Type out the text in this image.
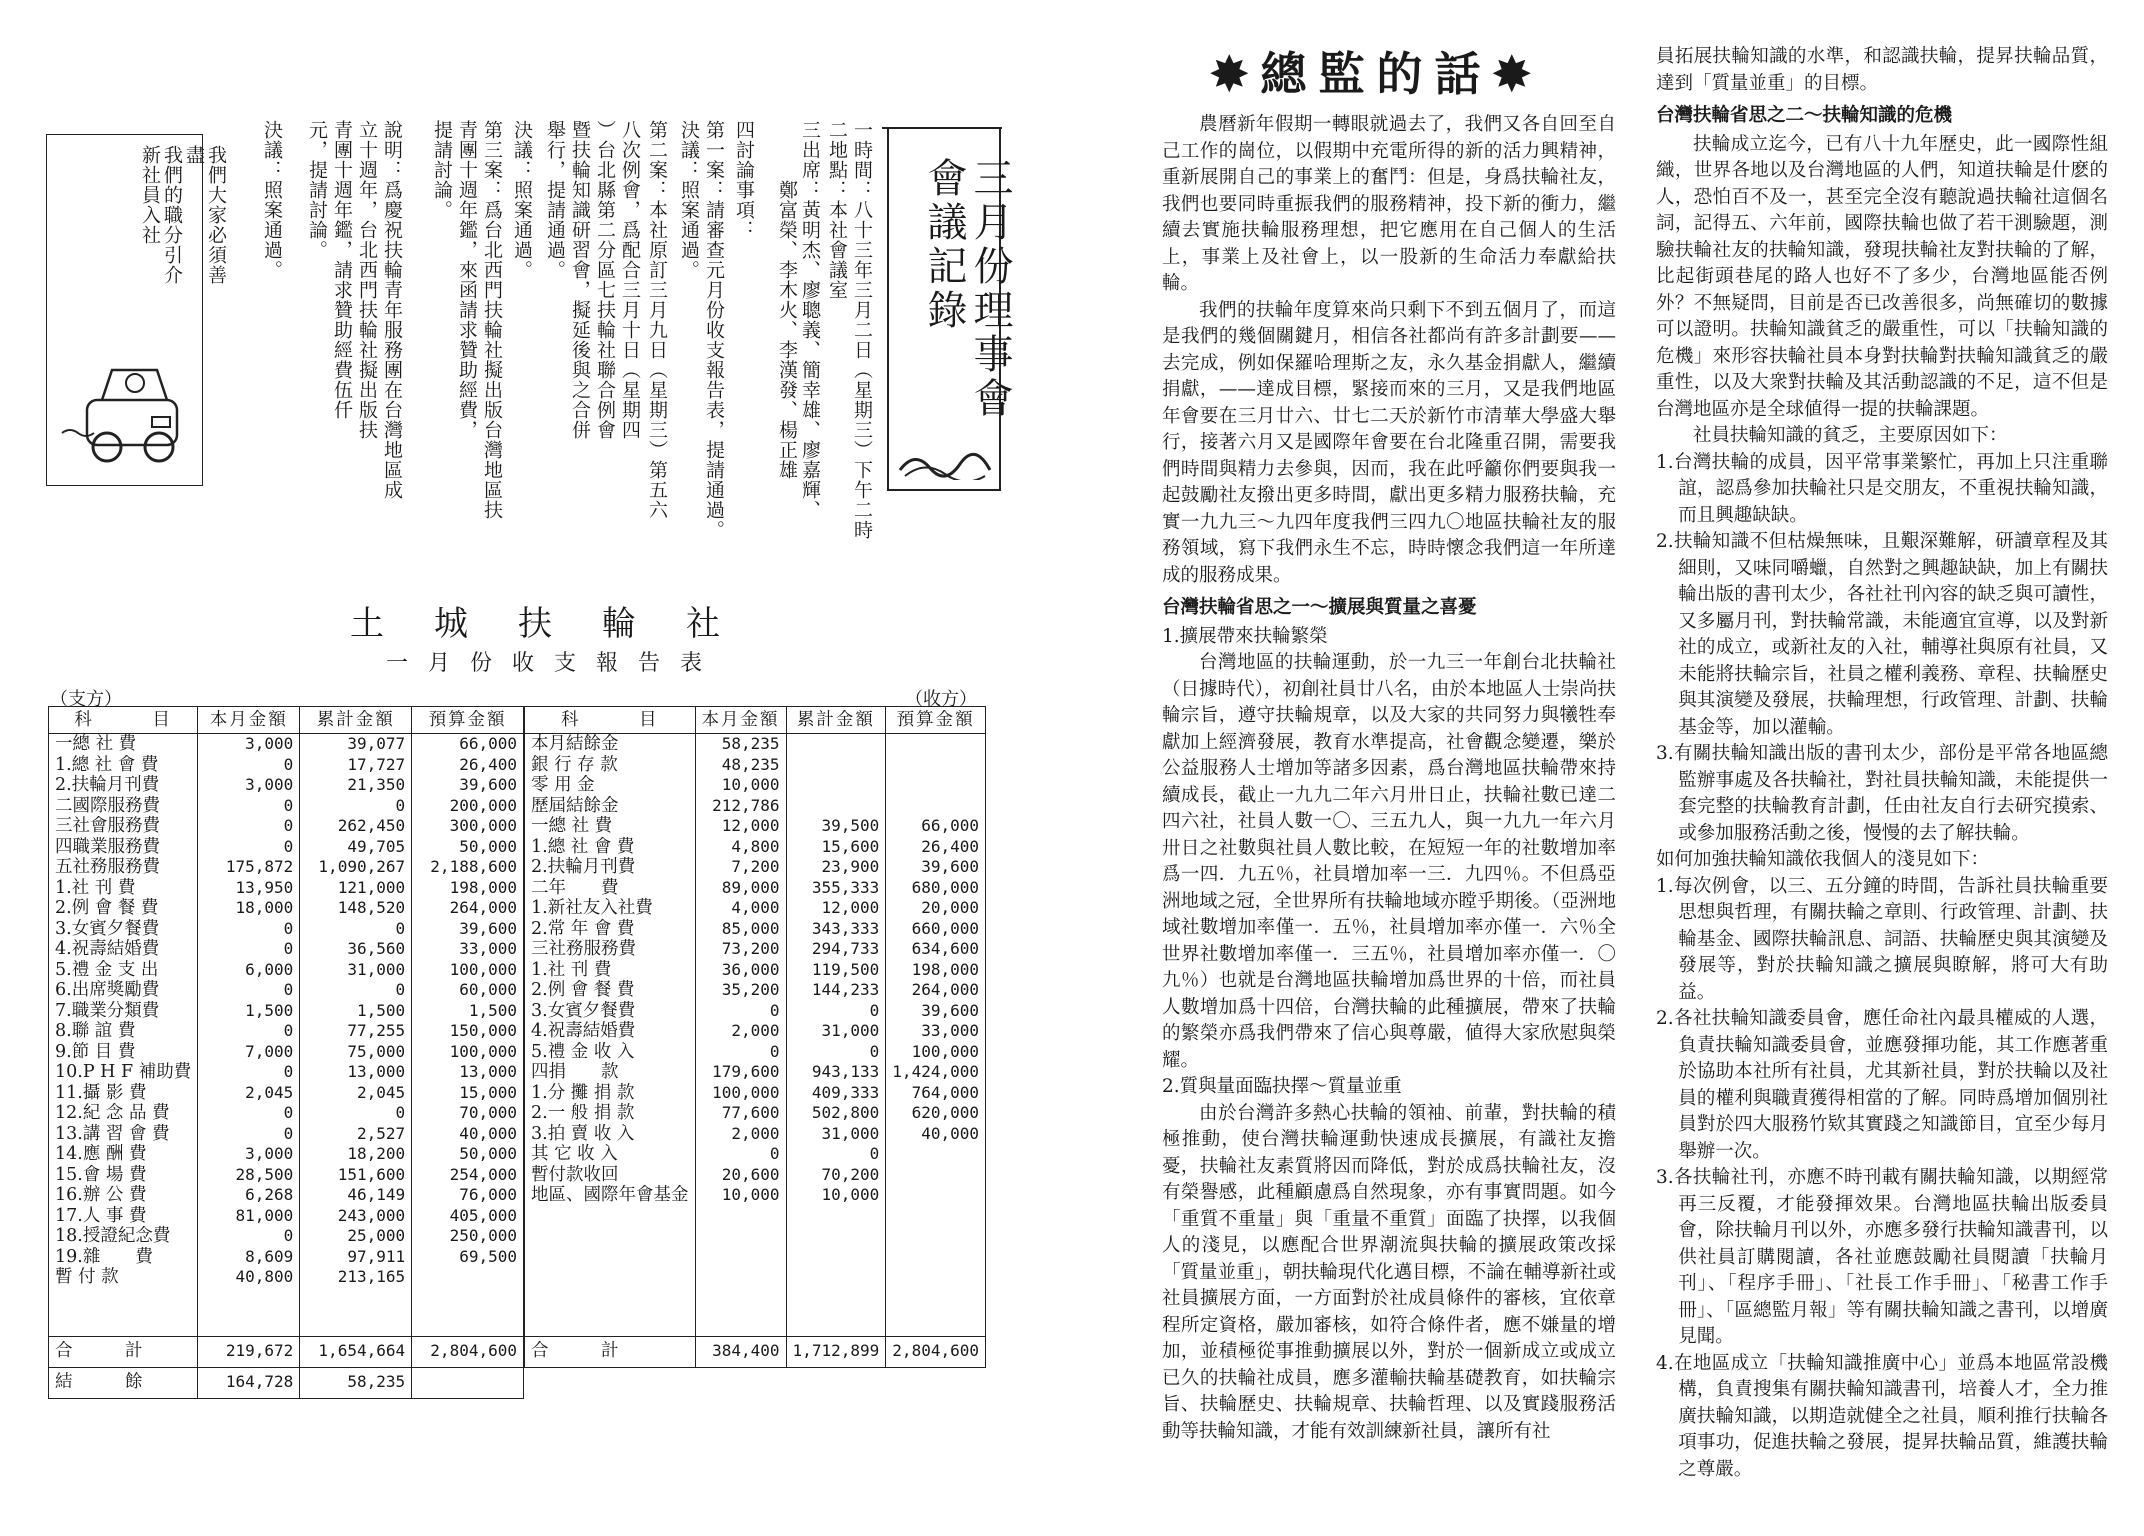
三月份理事會
會議記錄
一時間：八十三年三月二日（星期三）下午二時
二地點：本社會議室
三出席：黃明杰、廖聰義、簡幸雄、廖嘉輝、
　　　鄭富榮、李木火、李漢發、楊正雄
四討論事項：
第一案：請審查元月份收支報告表，提請通過。
決議：照案通過。
第二案：本社原訂三月九日（星期三）第五六
八次例會，爲配合三月十日（星期四
）台北縣第二分區七扶輪社聯合例會
暨扶輪知識研習會，擬延後與之合併
舉行，提請通過。
決議：照案通過。
第三案：爲台北西門扶輪社擬出版台灣地區扶
青團十週年鑑，來函請求贊助經費，
提請討論。
說明：爲慶祝扶輪青年服務團在台灣地區成
立十週年，台北西門扶輪社擬出版扶
青團十週年鑑，請求贊助經費伍仟
元，提請討論。
決議：照案通過。
我們大家必須善盡
我們的職分引介
新社員入社
土城扶輪社
一月份收支報告表
（支方）	（收方）
科　　　目	本月金額	累計金額	預算金額
一總 社 費	3,000	39,077	66,000
1.總 社 會 費	0	17,727	26,400
2.扶輪月刊費	3,000	21,350	39,600
二國際服務費	0	0	200,000
三社會服務費	0	262,450	300,000
四職業服務費	0	49,705	50,000
五社務服務費	175,872	1,090,267	2,188,600
1.社 刊 費	13,950	121,000	198,000
2.例 會 餐 費	18,000	148,520	264,000
3.女賓夕餐費	0	0	39,600
4.祝壽結婚費	0	36,560	33,000
5.禮 金 支 出	6,000	31,000	100,000
6.出席獎勵費	0	0	60,000
7.職業分類費	1,500	1,500	1,500
8.聯 誼 費	0	77,255	150,000
9.節 目 費	7,000	75,000	100,000
10.P H F 補助費	0	13,000	13,000
11.攝 影 費	2,045	2,045	15,000
12.紀 念 品 費	0	0	70,000
13.講 習 會 費	0	2,527	40,000
14.應 酬 費	3,000	18,200	50,000
15.會 場 費	28,500	151,600	254,000
16.辦 公 費	6,268	46,149	76,000
17.人 事 費	81,000	243,000	405,000
18.授證紀念費	0	25,000	250,000
19.雜　　費	8,609	97,911	69,500
暫 付 款	40,800	213,165	

合　　　計	219,672	1,654,664	2,804,600
結　　　餘	164,728	58,235	
科　　　目	本月金額	累計金額	預算金額
本月結餘金	58,235		
銀 行 存 款	48,235		
零 用 金	10,000		
歷屆結餘金	212,786		
一總 社 費	12,000	39,500	66,000
1.總 社 會 費	4,800	15,600	26,400
2.扶輪月刊費	7,200	23,900	39,600
二年　　費	89,000	355,333	680,000
1.新社友入社費	4,000	12,000	20,000
2.常 年 會 費	85,000	343,333	660,000
三社務服務費	73,200	294,733	634,600
1.社 刊 費	36,000	119,500	198,000
2.例 會 餐 費	35,200	144,233	264,000
3.女賓夕餐費	0	0	39,600
4.祝壽結婚費	2,000	31,000	33,000
5.禮 金 收 入	0	0	100,000
四捐　　款	179,600	943,133	1,424,000
1.分 攤 捐 款	100,000	409,333	764,000
2.一 般 捐 款	77,600	502,800	620,000
3.拍 賣 收 入	2,000	31,000	40,000
其 它 收 入	0	0	
暫付款收回	20,600	70,200	
地區、國際年會基金	10,000	10,000	

合　　　計	384,400	1,712,899	2,804,600
✸總監的話✸

農曆新年假期一轉眼就過去了，我們又各自回至自己工作的崗位，以假期中充電所得的新的活力興精神，重新展開自己的事業上的奮鬥：但是，身爲扶輪社友，我們也要同時重振我們的服務精神，投下新的衝力，繼續去實施扶輪服務理想，把它應用在自己個人的生活上，事業上及社會上，以一股新的生命活力奉獻給扶輪。

我們的扶輪年度算來尚只剩下不到五個月了，而這是我們的幾個關鍵月，相信各社都尚有許多計劃要——去完成，例如保羅哈理斯之友，永久基金捐獻人，繼續捐獻，——達成目標，緊接而來的三月，又是我們地區年會要在三月廿六、廿七二天於新竹市清華大學盛大舉行，接著六月又是國際年會要在台北隆重召開，需要我們時間與精力去參與，因而，我在此呼籲你們要與我一起鼓勵社友撥出更多時間，獻出更多精力服務扶輪，充實一九九三～九四年度我們三四九〇地區扶輪社友的服務領域，寫下我們永生不忘，時時懷念我們這一年所達成的服務成果。

台灣扶輪省思之一～擴展與質量之喜憂
1.擴展帶來扶輪繁榮

台灣地區的扶輪運動，於一九三一年創台北扶輪社（日據時代），初創社員廿八名，由於本地區人士崇尚扶輪宗旨，遵守扶輪規章，以及大家的共同努力與犧牲奉獻加上經濟發展，教育水準提高，社會觀念變遷，樂於公益服務人士增加等諸多因素，爲台灣地區扶輪帶來持續成長，截止一九九二年六月卅日止，扶輪社數已達二四六社，社員人數一〇、三五九人，與一九九一年六月卅日之社數與社員人數比較，在短短一年的社數增加率爲一四．九五％，社員增加率一三．九四％。不但爲亞洲地域之冠，全世界所有扶輪地域亦瞠乎期後。（亞洲地域社數增加率僅一．五％，社員增加率亦僅一．六％全世界社數增加率僅一．三五％，社員增加率亦僅一．〇九％）也就是台灣地區扶輪增加爲世界的十倍，而社員人數增加爲十四倍，台灣扶輪的此種擴展，帶來了扶輪的繁榮亦爲我們帶來了信心與尊嚴，値得大家欣慰與榮耀。

2.質與量面臨抉擇～質量並重

由於台灣許多熱心扶輪的領袖、前輩，對扶輪的積極推動，使台灣扶輪運動快速成長擴展，有識社友擔憂，扶輪社友素質將因而降低，對於成爲扶輪社友，沒有榮譽感，此種顧慮爲自然現象，亦有事實問題。如今「重質不重量」與「重量不重質」面臨了抉擇，以我個人的淺見，以應配合世界潮流與扶輪的擴展政策改採「質量並重」，朝扶輪現代化邁目標，不論在輔導新社或社員擴展方面，一方面對於社成員條件的審核，宜依章程所定資格，嚴加審核，如符合條件者，應不嫌量的增加，並積極從事推動擴展以外，對於一個新成立或成立已久的扶輪社成員，應多灌輸扶輪基礎教育，如扶輪宗旨、扶輪歷史、扶輪規章、扶輪哲理、以及實踐服務活動等扶輪知識，才能有效訓練新社員，讓所有社

員拓展扶輪知識的水準，和認識扶輪，提昇扶輪品質，達到「質量並重」的目標。

台灣扶輪省思之二～扶輪知識的危機

扶輪成立迄今，已有八十九年歷史，此一國際性組織，世界各地以及台灣地區的人們，知道扶輪是什麽的人，恐怕百不及一，甚至完全沒有聽說過扶輪社這個名詞，記得五、六年前，國際扶輪也做了若干測驗題，測驗扶輪社友的扶輪知識，發現扶輪社友對扶輪的了解，比起街頭巷尾的路人也好不了多少，台灣地區能否例外？不無疑問，目前是否已改善很多，尚無確切的數據可以證明。扶輪知識貧乏的嚴重性，可以「扶輪知識的危機」來形容扶輪社員本身對扶輪對扶輪知識貧乏的嚴重性，以及大衆對扶輪及其活動認識的不足，這不但是台灣地區亦是全球値得一提的扶輪課題。

社員扶輪知識的貧乏，主要原因如下：

1.台灣扶輪的成員，因平常事業繁忙，再加上只注重聯誼，認爲參加扶輪社只是交朋友，不重視扶輪知識，而且興趣缺缺。
2.扶輪知識不但枯燥無味，且艱深難解，研讀章程及其細則，又味同嚼蠟，自然對之興趣缺缺，加上有關扶輪出版的書刊太少，各社社刊內容的缺乏與可讀性，又多屬月刊，對扶輪常識，未能適宜宣導，以及對新社的成立，或新社友的入社，輔導社與原有社員，又未能將扶輪宗旨，社員之權利義務、章程、扶輪歷史與其演變及發展，扶輪理想，行政管理、計劃、扶輪基金等，加以灌輸。
3.有關扶輪知識出版的書刊太少，部份是平常各地區總監辦事處及各扶輪社，對社員扶輪知識，未能提供一套完整的扶輪教育計劃，任由社友自行去研究摸索、或參加服務活動之後，慢慢的去了解扶輪。

如何加強扶輪知識依我個人的淺見如下：

1.每次例會，以三、五分鐘的時間，告訴社員扶輪重要思想與哲理，有關扶輪之章則、行政管理、計劃、扶輪基金、國際扶輪訊息、詞語、扶輪歷史與其演變及發展等，對於扶輪知識之擴展與瞭解，將可大有助益。
2.各社扶輪知識委員會，應任命社內最具權威的人選，負責扶輪知識委員會，並應發揮功能，其工作應著重於協助本社所有社員，尤其新社員，對於扶輪以及社員的權利與職責獲得相當的了解。同時爲增加個別社員對於四大服務竹欵其實踐之知識節目，宜至少每月舉辦一次。
3.各扶輪社刊，亦應不時刊載有關扶輪知識，以期經常再三反覆，才能發揮效果。台灣地區扶輪出版委員會，除扶輪月刊以外，亦應多發行扶輪知識書刊，以供社員訂購閱讀，各社並應鼓勵社員閱讀「扶輪月刊」、「程序手冊」、「社長工作手冊」、「秘書工作手冊」、「區總監月報」等有關扶輪知識之書刊，以增廣見聞。
4.在地區成立「扶輪知識推廣中心」並爲本地區常設機構，負責搜集有關扶輪知識書刊，培養人才，全力推廣扶輪知識，以期造就健全之社員，順利推行扶輪各項事功，促進扶輪之發展，提昇扶輪品質，維護扶輪之尊嚴。
